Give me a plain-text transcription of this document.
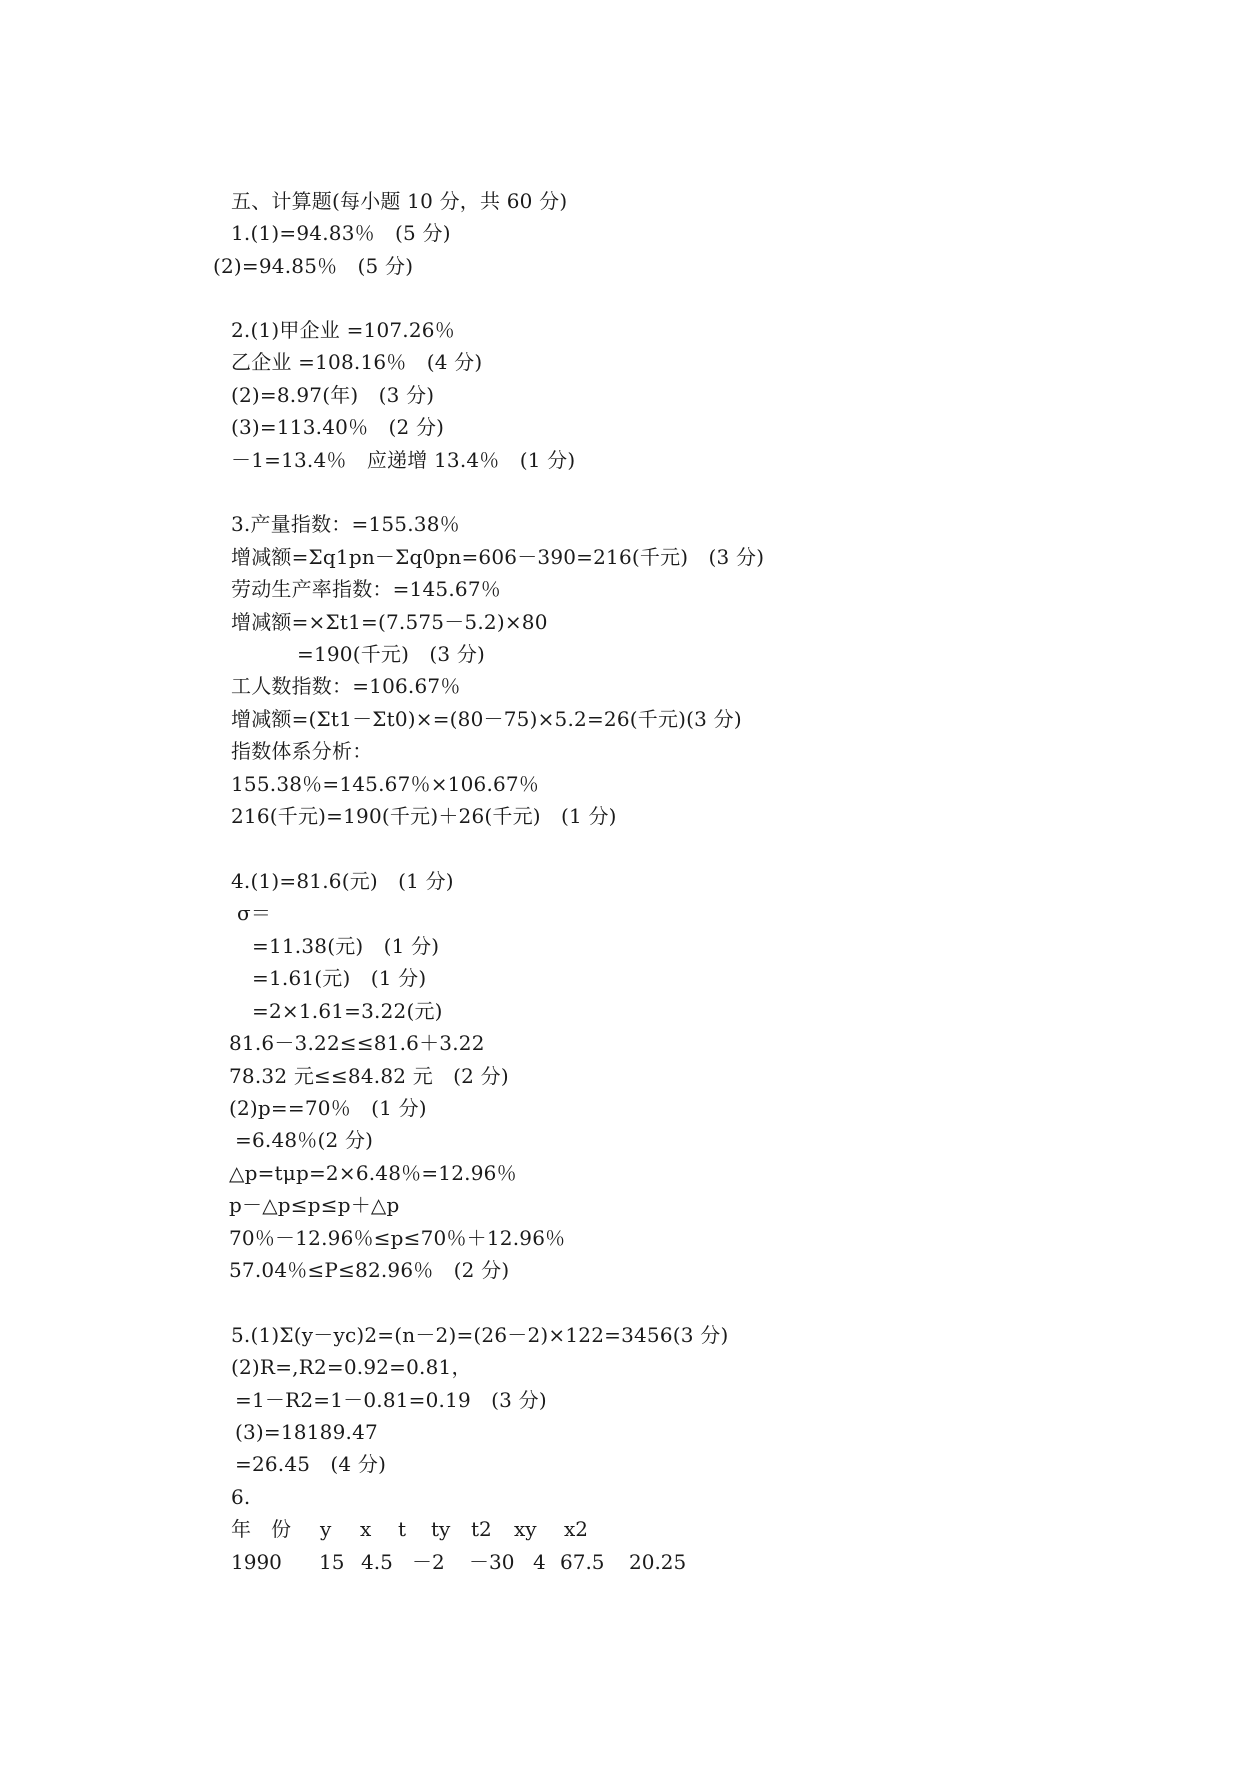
五、计算题(每小题 10 分，共 60 分)
1.(1)=94.83％　(5 分)
(2)=94.85％　(5 分)
2.(1)甲企业 =107.26％
乙企业 =108.16％　(4 分)
(2)=8.97(年)　(3 分)
(3)=113.40％　(2 分)
－1=13.4％　应递增 13.4％　(1 分)
3.产量指数：=155.38％
增减额=Σq1pn－Σq0pn=606－390=216(千元)　(3 分)
劳动生产率指数：=145.67％
增减额=×Σt1=(7.575－5.2)×80
=190(千元)　(3 分)
工人数指数：=106.67％
增减额=(Σt1－Σt0)×=(80－75)×5.2=26(千元)(3 分)
指数体系分析：
155.38％=145.67％×106.67％
216(千元)=190(千元)＋26(千元)　(1 分)
4.(1)=81.6(元)　(1 分)
σ＝
=11.38(元)　(1 分)
=1.61(元)　(1 分)
=2×1.61=3.22(元)
81.6－3.22≤≤81.6＋3.22
78.32 元≤≤84.82 元　(2 分)
(2)p==70％　(1 分)
=6.48％(2 分)
△p=tμp=2×6.48％=12.96％
p－△p≤p≤p＋△p
70％－12.96％≤p≤70％＋12.96％
57.04％≤P≤82.96％　(2 分)
5.(1)Σ(y－yc)2=(n－2)=(26－2)×122=3456(3 分)
(2)R=,R2=0.92=0.81，
=1－R2=1－0.81=0.19　(3 分)
(3)=18189.47
=26.45　(4 分)
6.

年　份

y

x

t

ty

t2

xy

x2

1990

15

4.5

－2

－30

4

67.5

20.25
